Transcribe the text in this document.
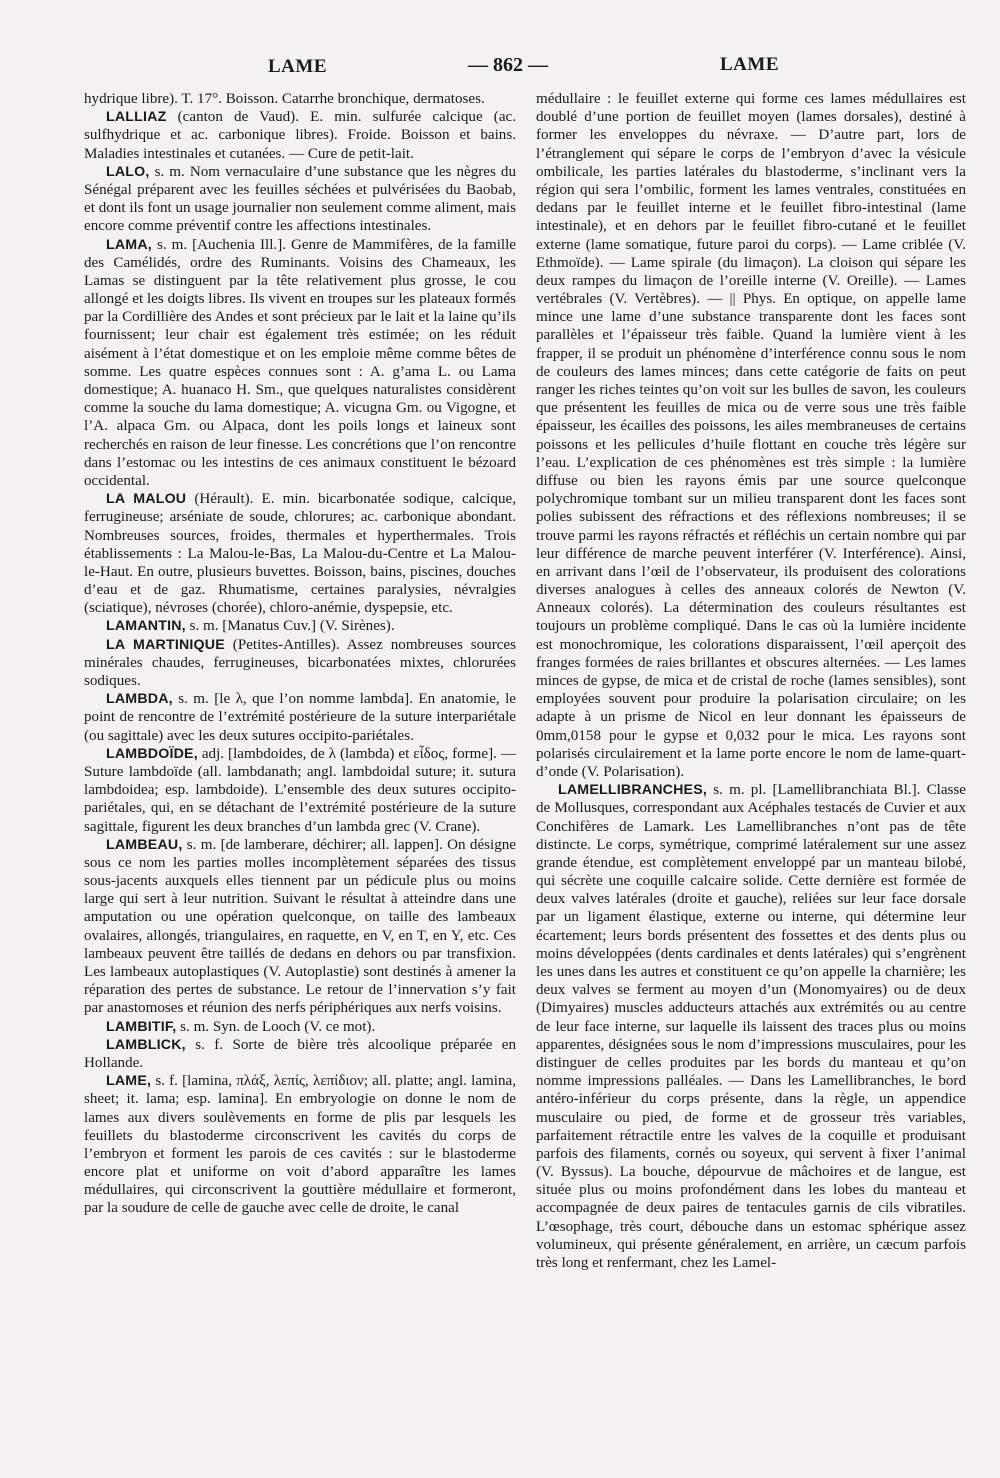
LAME	— 862 —	LAME

hydrique libre). T. 17°. Boisson. Catarrhe bronchique, dermatoses.

LALLIAZ (canton de Vaud). E. min. sulfurée calcique (ac. sulfhydrique et ac. carbonique libres). Froide. Boisson et bains. Maladies intestinales et cutanées. — Cure de petit-lait.

LALO, s. m. Nom vernaculaire d’une substance que les nègres du Sénégal préparent avec les feuilles séchées et pulvérisées du Baobab, et dont ils font un usage journalier non seulement comme aliment, mais encore comme préventif contre les affections intestinales.

LAMA, s. m. [Auchenia Ill.]. Genre de Mammifères, de la famille des Camélidés, ordre des Ruminants. Voisins des Chameaux, les Lamas se distinguent par la tête relativement plus grosse, le cou allongé et les doigts libres. Ils vivent en troupes sur les plateaux formés par la Cordillière des Andes et sont précieux par le lait et la laine qu’ils fournissent; leur chair est également très estimée; on les réduit aisément à l’état domestique et on les emploie même comme bêtes de somme. Les quatre espèces connues sont : A. g’ama L. ou Lama domestique; A. huanaco H. Sm., que quelques naturalistes considèrent comme la souche du lama domestique; A. vicugna Gm. ou Vigogne, et l’A. alpaca Gm. ou Alpaca, dont les poils longs et laineux sont recherchés en raison de leur finesse. Les concrétions que l’on rencontre dans l’estomac ou les intestins de ces animaux constituent le bézoard occidental.

LA MALOU (Hérault). E. min. bicarbonatée sodique, calcique, ferrugineuse; arséniate de soude, chlorures; ac. carbonique abondant. Nombreuses sources, froides, thermales et hyperthermales. Trois établissements : La Malou-le-Bas, La Malou-du-Centre et La Malou-le-Haut. En outre, plusieurs buvettes. Boisson, bains, piscines, douches d’eau et de gaz. Rhumatisme, certaines paralysies, névralgies (sciatique), névroses (chorée), chloro-anémie, dyspepsie, etc.

LAMANTIN, s. m. [Manatus Cuv.] (V. Sirènes).

LA MARTINIQUE (Petites-Antilles). Assez nombreuses sources minérales chaudes, ferrugineuses, bicarbonatées mixtes, chlorurées sodiques.

LAMBDA, s. m. [le λ, que l’on nomme lambda]. En anatomie, le point de rencontre de l’extrémité postérieure de la suture interpariétale (ou sagittale) avec les deux sutures occipito-pariétales.

LAMBDOÏDE, adj. [lambdoides, de λ (lambda) et εἶδος, forme]. — Suture lambdoïde (all. lambdanath; angl. lambdoidal suture; it. sutura lambdoidea; esp. lambdoide). L’ensemble des deux sutures occipito-pariétales, qui, en se détachant de l’extrémité postérieure de la suture sagittale, figurent les deux branches d’un lambda grec (V. Crane).

LAMBEAU, s. m. [de lamberare, déchirer; all. lappen]. On désigne sous ce nom les parties molles incomplètement séparées des tissus sous-jacents auxquels elles tiennent par un pédicule plus ou moins large qui sert à leur nutrition. Suivant le résultat à atteindre dans une amputation ou une opération quelconque, on taille des lambeaux ovalaires, allongés, triangulaires, en raquette, en V, en T, en Y, etc. Ces lambeaux peuvent être taillés de dedans en dehors ou par transfixion. Les lambeaux autoplastiques (V. Autoplastie) sont destinés à amener la réparation des pertes de substance. Le retour de l’innervation s’y fait par anastomoses et réunion des nerfs périphériques aux nerfs voisins.

LAMBITIF, s. m. Syn. de Looch (V. ce mot).

LAMBLICK, s. f. Sorte de bière très alcoolique préparée en Hollande.

LAME, s. f. [lamina, πλάξ, λεπίς, λεπίδιον; all. platte; angl. lamina, sheet; it. lama; esp. lamina]. En embryologie on donne le nom de lames aux divers soulèvements en forme de plis par lesquels les feuillets du blastoderme circonscrivent les cavités du corps de l’embryon et forment les parois de ces cavités : sur le blastoderme encore plat et uniforme on voit d’abord apparaître les lames médullaires, qui circonscrivent la gouttière médullaire et formeront, par la soudure de celle de gauche avec celle de droite, le canal

médullaire : le feuillet externe qui forme ces lames médullaires est doublé d’une portion de feuillet moyen (lames dorsales), destiné à former les enveloppes du névraxe. — D’autre part, lors de l’étranglement qui sépare le corps de l’embryon d’avec la vésicule ombilicale, les parties latérales du blastoderme, s’inclinant vers la région qui sera l’ombilic, forment les lames ventrales, constituées en dedans par le feuillet interne et le feuillet fibro-intestinal (lame intestinale), et en dehors par le feuillet fibro-cutané et le feuillet externe (lame somatique, future paroi du corps). — Lame criblée (V. Ethmoïde). — Lame spirale (du limaçon). La cloison qui sépare les deux rampes du limaçon de l’oreille interne (V. Oreille). — Lames vertébrales (V. Vertèbres). — || Phys. En optique, on appelle lame mince une lame d’une substance transparente dont les faces sont parallèles et l’épaisseur très faible. Quand la lumière vient à les frapper, il se produit un phénomène d’interférence connu sous le nom de couleurs des lames minces; dans cette catégorie de faits on peut ranger les riches teintes qu’on voit sur les bulles de savon, les couleurs que présentent les feuilles de mica ou de verre sous une très faible épaisseur, les écailles des poissons, les ailes membraneuses de certains poissons et les pellicules d’huile flottant en couche très légère sur l’eau. L’explication de ces phénomènes est très simple : la lumière diffuse ou bien les rayons émis par une source quelconque polychromique tombant sur un milieu transparent dont les faces sont polies subissent des réfractions et des réflexions nombreuses; il se trouve parmi les rayons réfractés et réfléchis un certain nombre qui par leur différence de marche peuvent interférer (V. Interférence). Ainsi, en arrivant dans l’œil de l’observateur, ils produisent des colorations diverses analogues à celles des anneaux colorés de Newton (V. Anneaux colorés). La détermination des couleurs résultantes est toujours un problème compliqué. Dans le cas où la lumière incidente est monochromique, les colorations disparaissent, l’œil aperçoit des franges formées de raies brillantes et obscures alternées. — Les lames minces de gypse, de mica et de cristal de roche (lames sensibles), sont employées souvent pour produire la polarisation circulaire; on les adapte à un prisme de Nicol en leur donnant les épaisseurs de 0mm,0158 pour le gypse et 0,032 pour le mica. Les rayons sont polarisés circulairement et la lame porte encore le nom de lame-quart-d’onde (V. Polarisation).

LAMELLIBRANCHES, s. m. pl. [Lamellibranchiata Bl.]. Classe de Mollusques, correspondant aux Acéphales testacés de Cuvier et aux Conchifères de Lamark. Les Lamellibranches n’ont pas de tête distincte. Le corps, symétrique, comprimé latéralement sur une assez grande étendue, est complètement enveloppé par un manteau bilobé, qui sécrète une coquille calcaire solide. Cette dernière est formée de deux valves latérales (droite et gauche), reliées sur leur face dorsale par un ligament élastique, externe ou interne, qui détermine leur écartement; leurs bords présentent des fossettes et des dents plus ou moins développées (dents cardinales et dents latérales) qui s’engrènent les unes dans les autres et constituent ce qu’on appelle la charnière; les deux valves se ferment au moyen d’un (Monomyaires) ou de deux (Dimyaires) muscles adducteurs attachés aux extrémités ou au centre de leur face interne, sur laquelle ils laissent des traces plus ou moins apparentes, désignées sous le nom d’impressions musculaires, pour les distinguer de celles produites par les bords du manteau et qu’on nomme impressions palléales. — Dans les Lamellibranches, le bord antéro-inférieur du corps présente, dans la règle, un appendice musculaire ou pied, de forme et de grosseur très variables, parfaitement rétractile entre les valves de la coquille et produisant parfois des filaments, cornés ou soyeux, qui servent à fixer l’animal (V. Byssus). La bouche, dépourvue de mâchoires et de langue, est située plus ou moins profondément dans les lobes du manteau et accompagnée de deux paires de tentacules garnis de cils vibratiles. L’œsophage, très court, débouche dans un estomac sphérique assez volumineux, qui présente généralement, en arrière, un cæcum parfois très long et renfermant, chez les Lamel-
